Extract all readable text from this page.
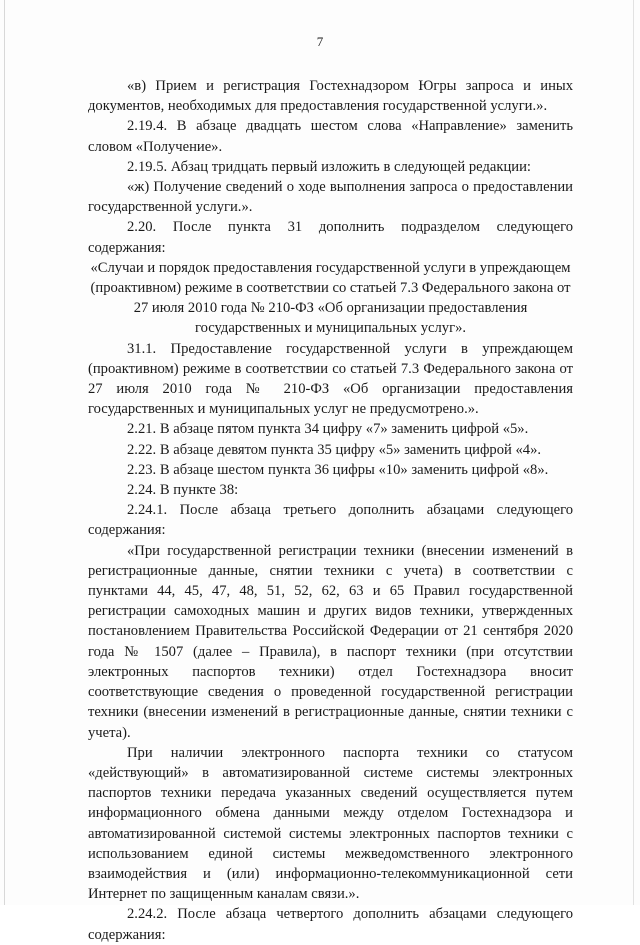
7

«в) Прием и регистрация Гостехнадзором Югры запроса и иных документов, необходимых для предоставления государственной услуги.».

2.19.4. В абзаце двадцать шестом слова «Направление» заменить словом «Получение».

2.19.5. Абзац тридцать первый изложить в следующей редакции:

«ж) Получение сведений о ходе выполнения запроса о предоставлении государственной услуги.».

2.20. После пункта 31 дополнить подразделом следующего содержания:

«Случаи и порядок предоставления государственной услуги в упреждающем (проактивном) режиме в соответствии со статьей 7.3 Федерального закона от 27 июля 2010 года № 210-ФЗ «Об организации предоставления государственных и муниципальных услуг».

31.1. Предоставление государственной услуги в упреждающем (проактивном) режиме в соответствии со статьей 7.3 Федерального закона от 27 июля 2010 года № 210-ФЗ «Об организации предоставления государственных и муниципальных услуг не предусмотрено.».

2.21. В абзаце пятом пункта 34 цифру «7» заменить цифрой «5».

2.22. В абзаце девятом пункта 35 цифру «5» заменить цифрой «4».

2.23. В абзаце шестом пункта 36 цифры «10» заменить цифрой «8».

2.24. В пункте 38:

2.24.1. После абзаца третьего дополнить абзацами следующего содержания:

«При государственной регистрации техники (внесении изменений в регистрационные данные, снятии техники с учета) в соответствии с пунктами 44, 45, 47, 48, 51, 52, 62, 63 и 65 Правил государственной регистрации самоходных машин и других видов техники, утвержденных постановлением Правительства Российской Федерации от 21 сентября 2020 года № 1507 (далее – Правила), в паспорт техники (при отсутствии электронных паспортов техники) отдел Гостехнадзора вносит соответствующие сведения о проведенной государственной регистрации техники (внесении изменений в регистрационные данные, снятии техники с учета).

При наличии электронного паспорта техники со статусом «действующий» в автоматизированной системе системы электронных паспортов техники передача указанных сведений осуществляется путем информационного обмена данными между отделом Гостехнадзора и автоматизированной системой системы электронных паспортов техники с использованием единой системы межведомственного электронного взаимодействия и (или) информационно-телекоммуникационной сети Интернет по защищенным каналам связи.».

2.24.2. После абзаца четвертого дополнить абзацами следующего содержания:
